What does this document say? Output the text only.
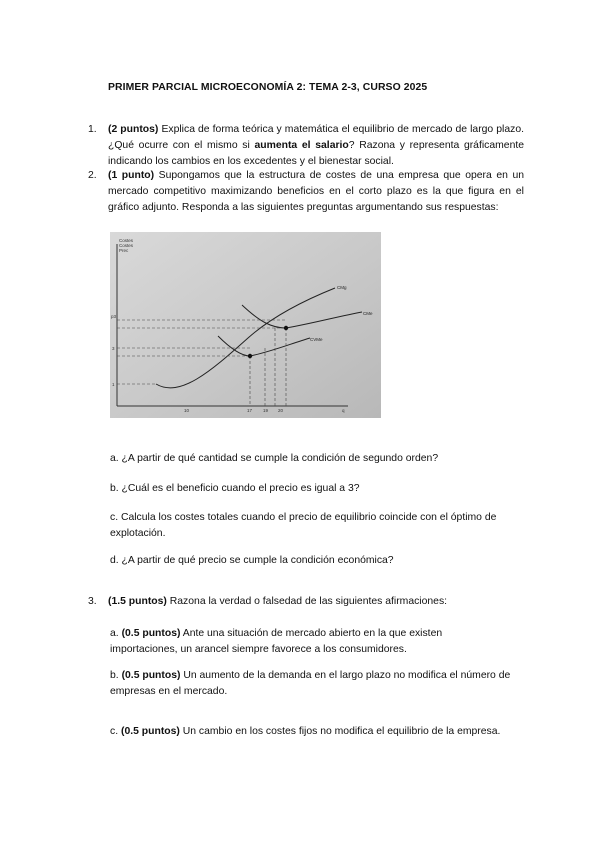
PRIMER PARCIAL MICROECONOMÍA 2: TEMA 2-3, CURSO 2025
1. (2 puntos) Explica de forma teórica y matemática el equilibrio de mercado de largo plazo. ¿Qué ocurre con el mismo si aumenta el salario? Razona y representa gráficamente indicando los cambios en los excedentes y el bienestar social.
2. (1 punto) Supongamos que la estructura de costes de una empresa que opera en un mercado competitivo maximizando beneficios en el corto plazo es la que figura en el gráfico adjunto. Responda a las siguientes preguntas argumentando sus respuestas:
Costes
Costes
Prec
CMg
CMe
CVMe
p3
3
1
10	17 19 20	q
a. ¿A partir de qué cantidad se cumple la condición de segundo orden?
b. ¿Cuál es el beneficio cuando el precio es igual a 3?
c. Calcula los costes totales cuando el precio de equilibrio coincide con el óptimo de explotación.
d. ¿A partir de qué precio se cumple la condición económica?
3. (1.5 puntos) Razona la verdad o falsedad de las siguientes afirmaciones:
a. (0.5 puntos) Ante una situación de mercado abierto en la que existen importaciones, un arancel siempre favorece a los consumidores.
b. (0.5 puntos) Un aumento de la demanda en el largo plazo no modifica el número de empresas en el mercado.
c. (0.5 puntos) Un cambio en los costes fijos no modifica el equilibrio de la empresa.
